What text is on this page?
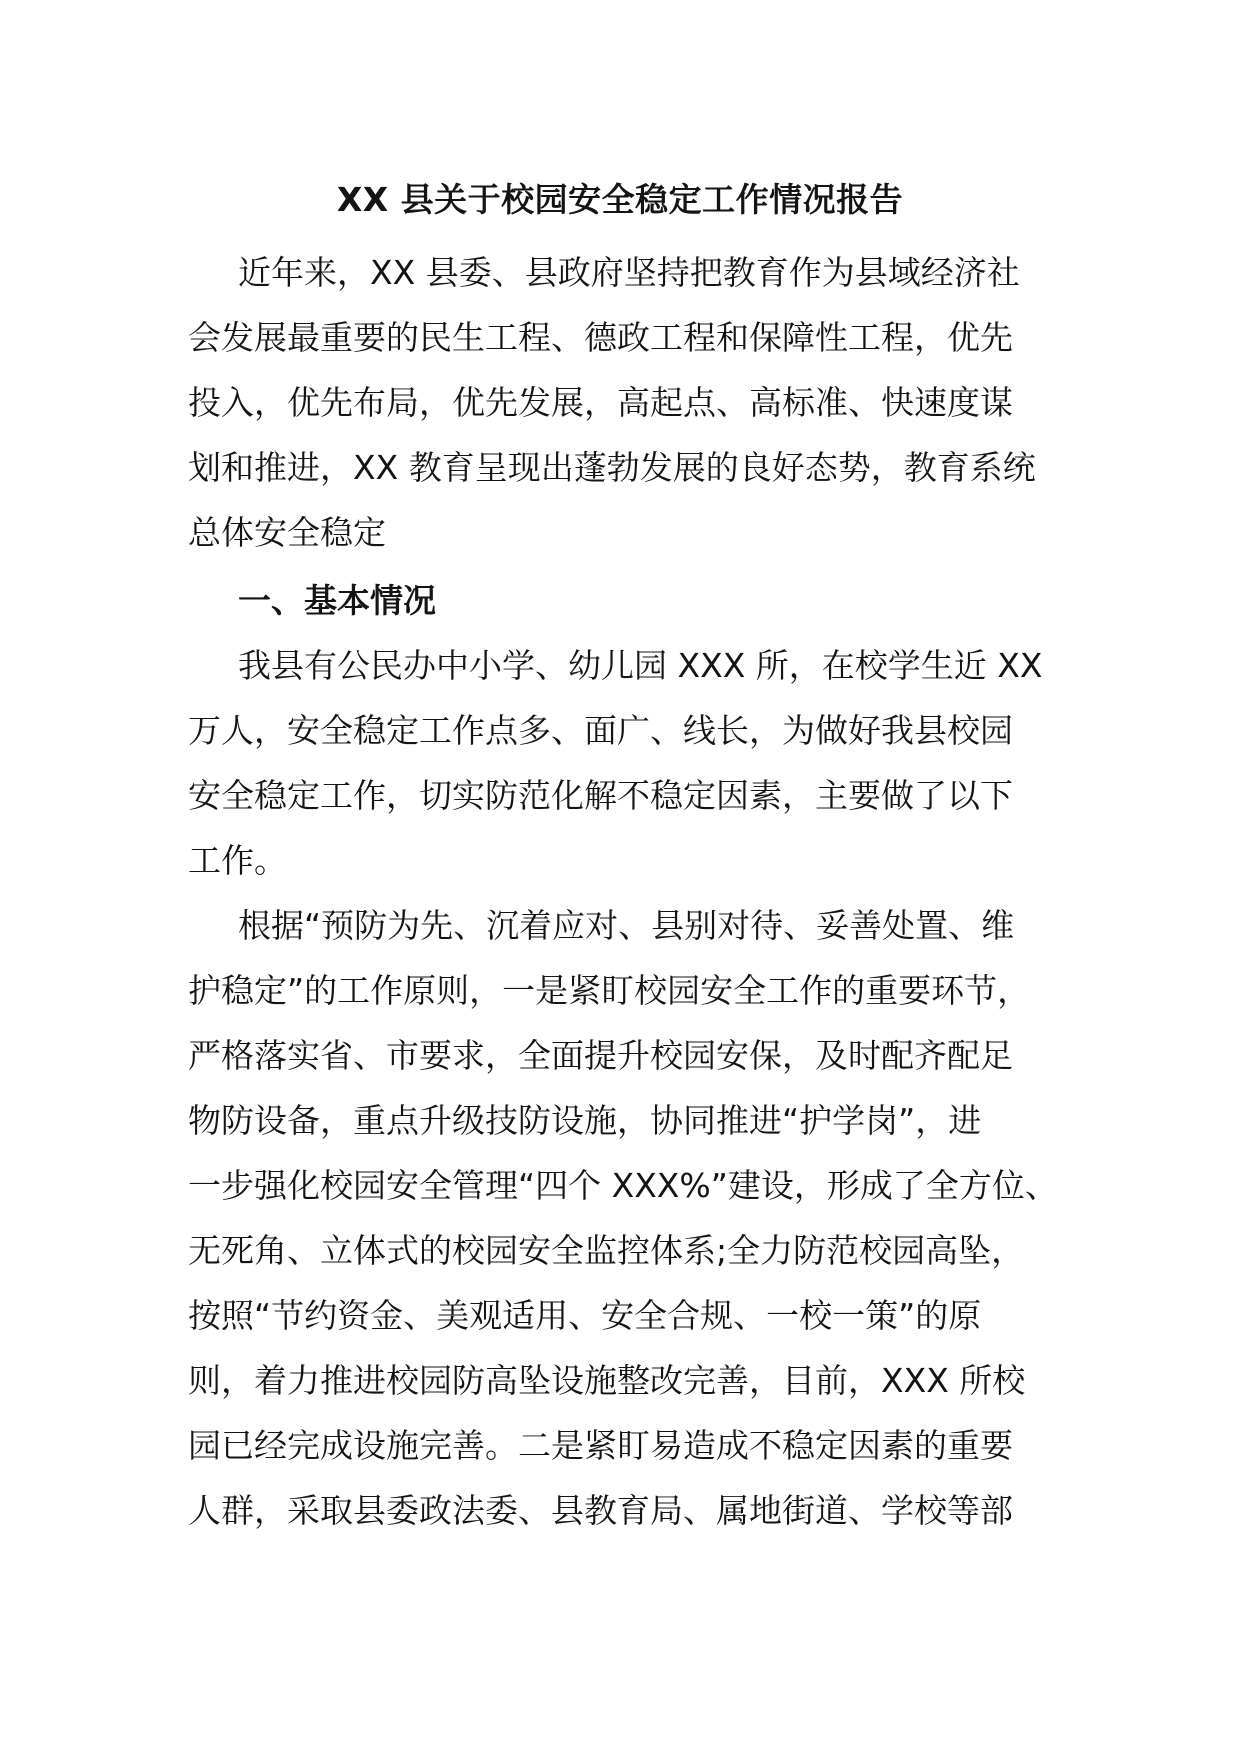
XX 县关于校园安全稳定工作情况报告
近年来，XX 县委、县政府坚持把教育作为县域经济社
会发展最重要的民生工程、德政工程和保障性工程，优先
投入，优先布局，优先发展，高起点、高标准、快速度谋
划和推进，XX 教育呈现出蓬勃发展的良好态势，教育系统
总体安全稳定
一、基本情况
我县有公民办中小学、幼儿园 XXX 所，在校学生近 XX
万人，安全稳定工作点多、面广、线长，为做好我县校园
安全稳定工作，切实防范化解不稳定因素，主要做了以下
工作。
根据“预防为先、沉着应对、县别对待、妥善处置、维
护稳定”的工作原则，一是紧盯校园安全工作的重要环节，
严格落实省、市要求，全面提升校园安保，及时配齐配足
物防设备，重点升级技防设施，协同推进“护学岗”，进
一步强化校园安全管理“四个 XXX%”建设，形成了全方位、
无死角、立体式的校园安全监控体系;全力防范校园高坠，
按照“节约资金、美观适用、安全合规、一校一策”的原
则，着力推进校园防高坠设施整改完善，目前，XXX 所校
园已经完成设施完善。二是紧盯易造成不稳定因素的重要
人群，采取县委政法委、县教育局、属地街道、学校等部
